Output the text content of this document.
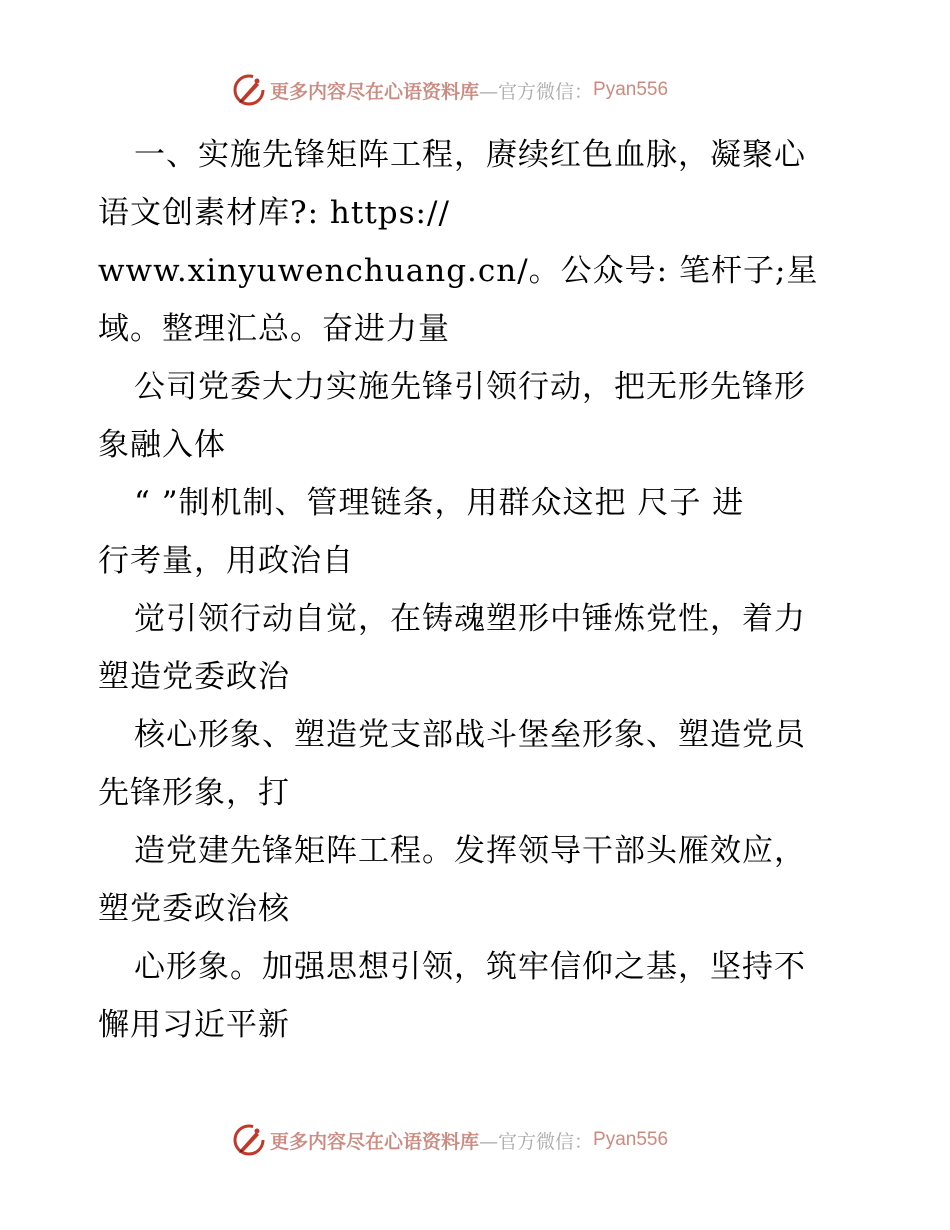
更多内容尽在心语资料库 —官方微信： Pyan556
一、实施先锋矩阵工程，赓续红色血脉，凝聚心
语文创素材库?: https://
www.xinyuwenchuang.cn/。公众号: 笔杆子;星
域。整理汇总。奋进力量
公司党委大力实施先锋引领行动，把无形先锋形
象融入体
“ ”制机制、管理链条，用群众这把 尺子 进
行考量，用政治自
觉引领行动自觉，在铸魂塑形中锤炼党性，着力
塑造党委政治
核心形象、塑造党支部战斗堡垒形象、塑造党员
先锋形象，打
造党建先锋矩阵工程。发挥领导干部头雁效应，
塑党委政治核
心形象。加强思想引领，筑牢信仰之基，坚持不
懈用习近平新
更多内容尽在心语资料库 —官方微信： Pyan556
